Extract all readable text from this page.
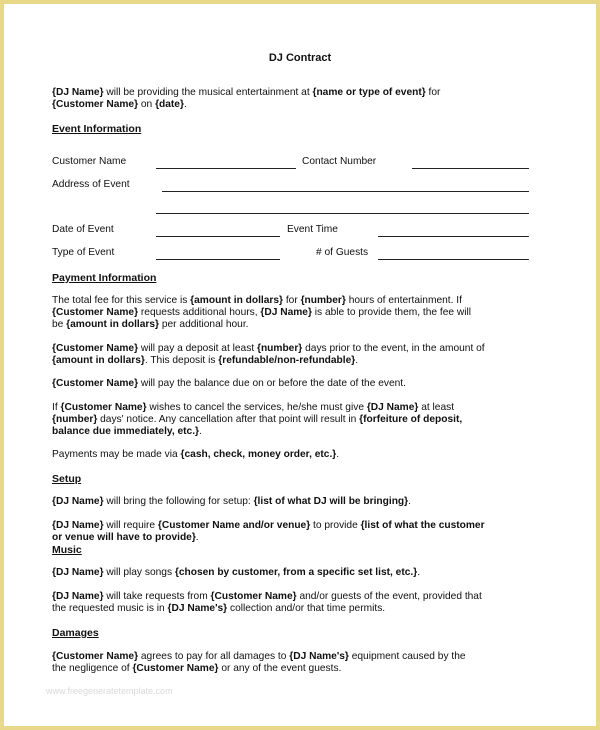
DJ Contract
{DJ Name} will be providing the musical entertainment at {name or type of event} for
{Customer Name} on {date}.
Event Information
Customer Name	Contact Number
Address of Event
Date of Event	Event Time
Type of Event	# of Guests
Payment Information
The total fee for this service is {amount in dollars} for {number} hours of entertainment. If
{Customer Name} requests additional hours, {DJ Name} is able to provide them, the fee will
be {amount in dollars} per additional hour.
{Customer Name} will pay a deposit at least {number} days prior to the event, in the amount of
{amount in dollars}. This deposit is {refundable/non-refundable}.
{Customer Name} will pay the balance due on or before the date of the event.
If {Customer Name} wishes to cancel the services, he/she must give {DJ Name} at least
{number} days' notice. Any cancellation after that point will result in {forfeiture of deposit,
balance due immediately, etc.}.
Payments may be made via {cash, check, money order, etc.}.
Setup
{DJ Name} will bring the following for setup: {list of what DJ will be bringing}.
{DJ Name} will require {Customer Name and/or venue} to provide {list of what the customer
or venue will have to provide}.
Music
{DJ Name} will play songs {chosen by customer, from a specific set list, etc.}.
{DJ Name} will take requests from {Customer Name} and/or guests of the event, provided that
the requested music is in {DJ Name's} collection and/or that time permits.
Damages
{Customer Name} agrees to pay for all damages to {DJ Name's} equipment caused by the
the negligence of {Customer Name} or any of the event guests.
www.freegeneratetemplate.com
